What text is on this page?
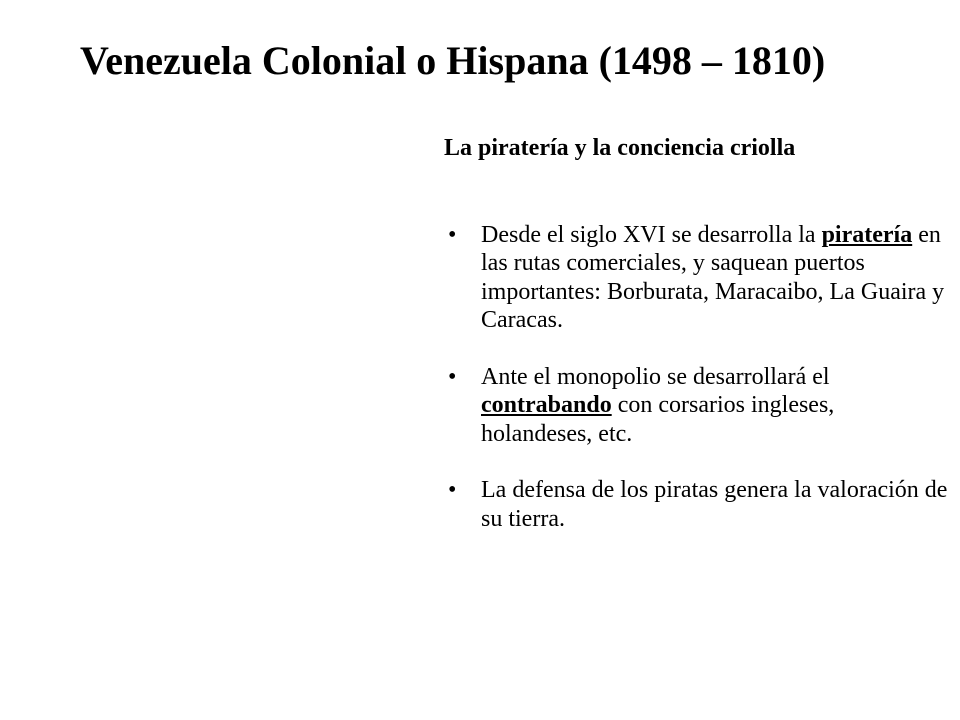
Venezuela Colonial o Hispana (1498 – 1810)

La piratería y la conciencia criolla

• Desde el siglo XVI se desarrolla la piratería en las rutas comerciales, y saquean puertos importantes: Borburata, Maracaibo, La Guaira y Caracas.
• Ante el monopolio se desarrollará el contrabando con corsarios ingleses, holandeses, etc.
• La defensa de los piratas genera la valoración de su tierra.
